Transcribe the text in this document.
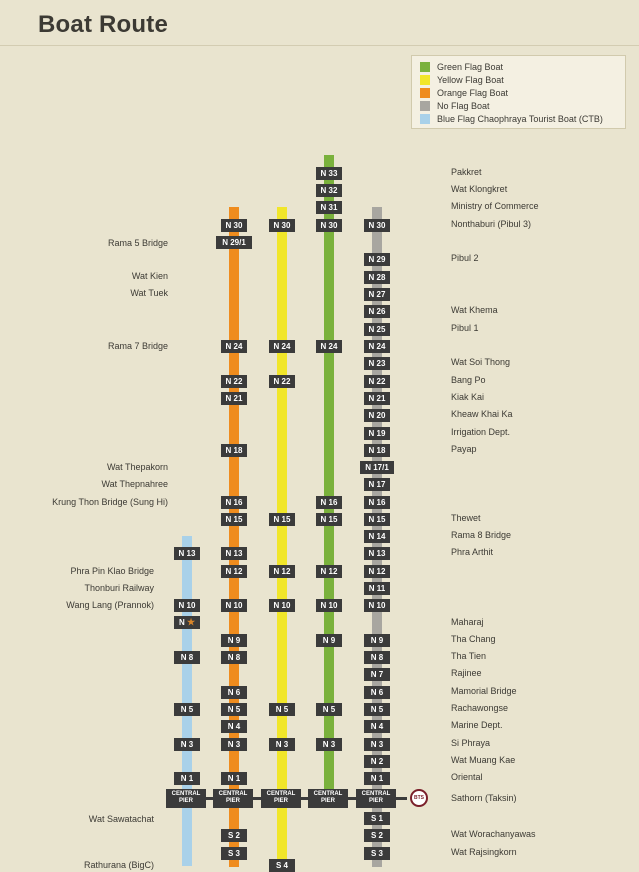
Boat Route
Green Flag Boat
Yellow Flag Boat
Orange Flag Boat
No Flag Boat
Blue Flag Chaophraya Tourist Boat (CTB)
N 13
N 10
N ★
N 8
N 5
N 3
N 1
N 30
N 29/1
N 24
N 22
N 21
N 18
N 16
N 15
N 13
N 12
N 10
N 9
N 8
N 6
N 5
N 4
N 3
N 1
S 2
S 3
N 30
N 24
N 22
N 15
N 12
N 10
N 5
N 3
S 4
N 33
N 32
N 31
N 30
N 24
N 16
N 15
N 12
N 10
N 9
N 5
N 3
N 30
N 29
N 28
N 27
N 26
N 25
N 24
N 23
N 22
N 21
N 20
N 19
N 18
N 17/1
N 17
N 16
N 15
N 14
N 13
N 12
N 11
N 10
N 9
N 8
N 7
N 6
N 5
N 4
N 3
N 2
N 1
S 1
S 2
S 3
CENTRAL PIER
CENTRAL PIER
CENTRAL PIER
CENTRAL PIER
CENTRAL PIER	BTS
Pakkret
Wat Klongkret
Ministry of Commerce
Nonthaburi (Pibul 3)
Pibul 2
Wat Khema
Pibul 1
Wat Soi Thong
Bang Po
Kiak Kai
Kheaw Khai Ka
Irrigation Dept.
Payap
Thewet
Rama 8 Bridge
Phra Arthit
Maharaj
Tha Chang
Tha Tien
Rajinee
Mamorial Bridge
Rachawongse
Marine Dept.
Si Phraya
Wat Muang Kae
Oriental
Sathorn (Taksin)
Wat Worachanyawas
Wat Rajsingkorn
Rama 5 Bridge
Wat Kien
Wat Tuek
Rama 7 Bridge
Wat Thepakorn
Wat Thepnahree
Krung Thon Bridge (Sung Hi)
Phra Pin Klao Bridge
Thonburi Railway
Wang Lang (Prannok)
Wat Sawatachat
Rathurana (BigC)
